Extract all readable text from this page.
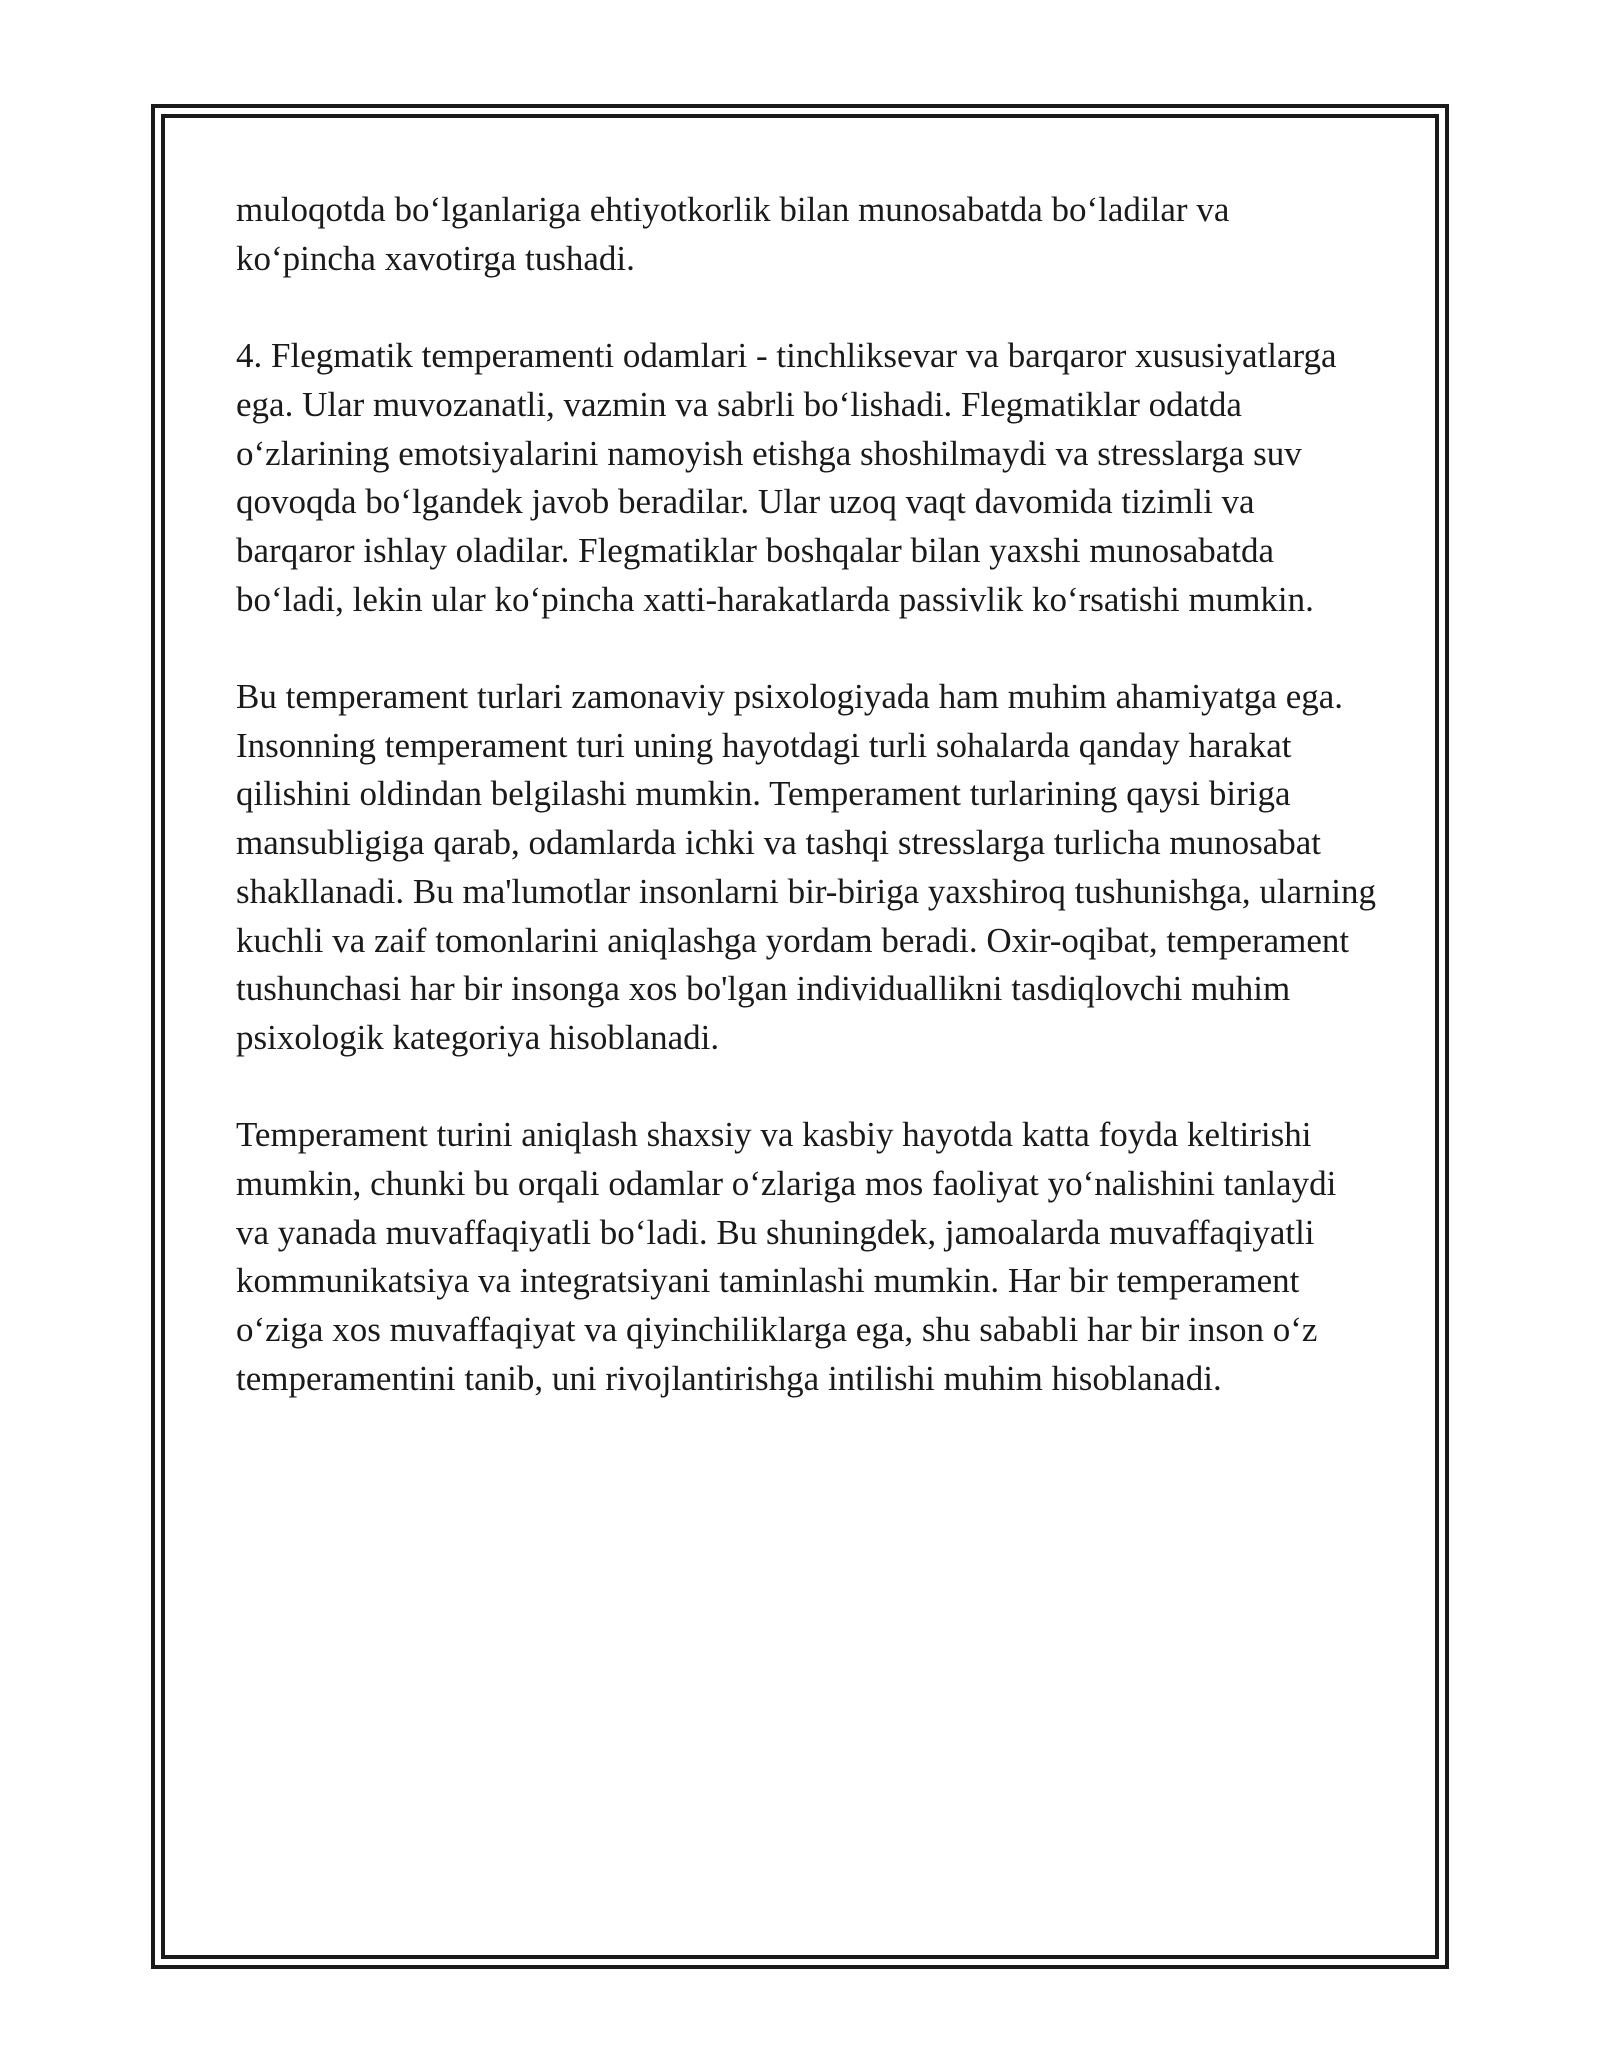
muloqotda bo‘lganlariga ehtiyotkorlik bilan munosabatda bo‘ladilar va ko‘pincha xavotirga tushadi.

4. Flegmatik temperamenti odamlari - tinchliksevar va barqaror xususiyatlarga ega. Ular muvozanatli, vazmin va sabrli bo‘lishadi. Flegmatiklar odatda o‘zlarining emotsiyalarini namoyish etishga shoshilmaydi va stresslarga suv qovoqda bo‘lgandek javob beradilar. Ular uzoq vaqt davomida tizimli va barqaror ishlay oladilar. Flegmatiklar boshqalar bilan yaxshi munosabatda bo‘ladi, lekin ular ko‘pincha xatti-harakatlarda passivlik ko‘rsatishi mumkin.

Bu temperament turlari zamonaviy psixologiyada ham muhim ahamiyatga ega. Insonning temperament turi uning hayotdagi turli sohalarda qanday harakat qilishini oldindan belgilashi mumkin. Temperament turlarining qaysi biriga mansubligiga qarab, odamlarda ichki va tashqi stresslarga turlicha munosabat shakllanadi. Bu ma'lumotlar insonlarni bir-biriga yaxshiroq tushunishga, ularning kuchli va zaif tomonlarini aniqlashga yordam beradi. Oxir-oqibat, temperament tushunchasi har bir insonga xos bo'lgan individuallikni tasdiqlovchi muhim psixologik kategoriya hisoblanadi.

Temperament turini aniqlash shaxsiy va kasbiy hayotda katta foyda keltirishi mumkin, chunki bu orqali odamlar o‘zlariga mos faoliyat yo‘nalishini tanlaydi va yanada muvaffaqiyatli bo‘ladi. Bu shuningdek, jamoalarda muvaffaqiyatli kommunikatsiya va integratsiyani taminlashi mumkin. Har bir temperament o‘ziga xos muvaffaqiyat va qiyinchiliklarga ega, shu sababli har bir inson o‘z temperamentini tanib, uni rivojlantirishga intilishi muhim hisoblanadi.
